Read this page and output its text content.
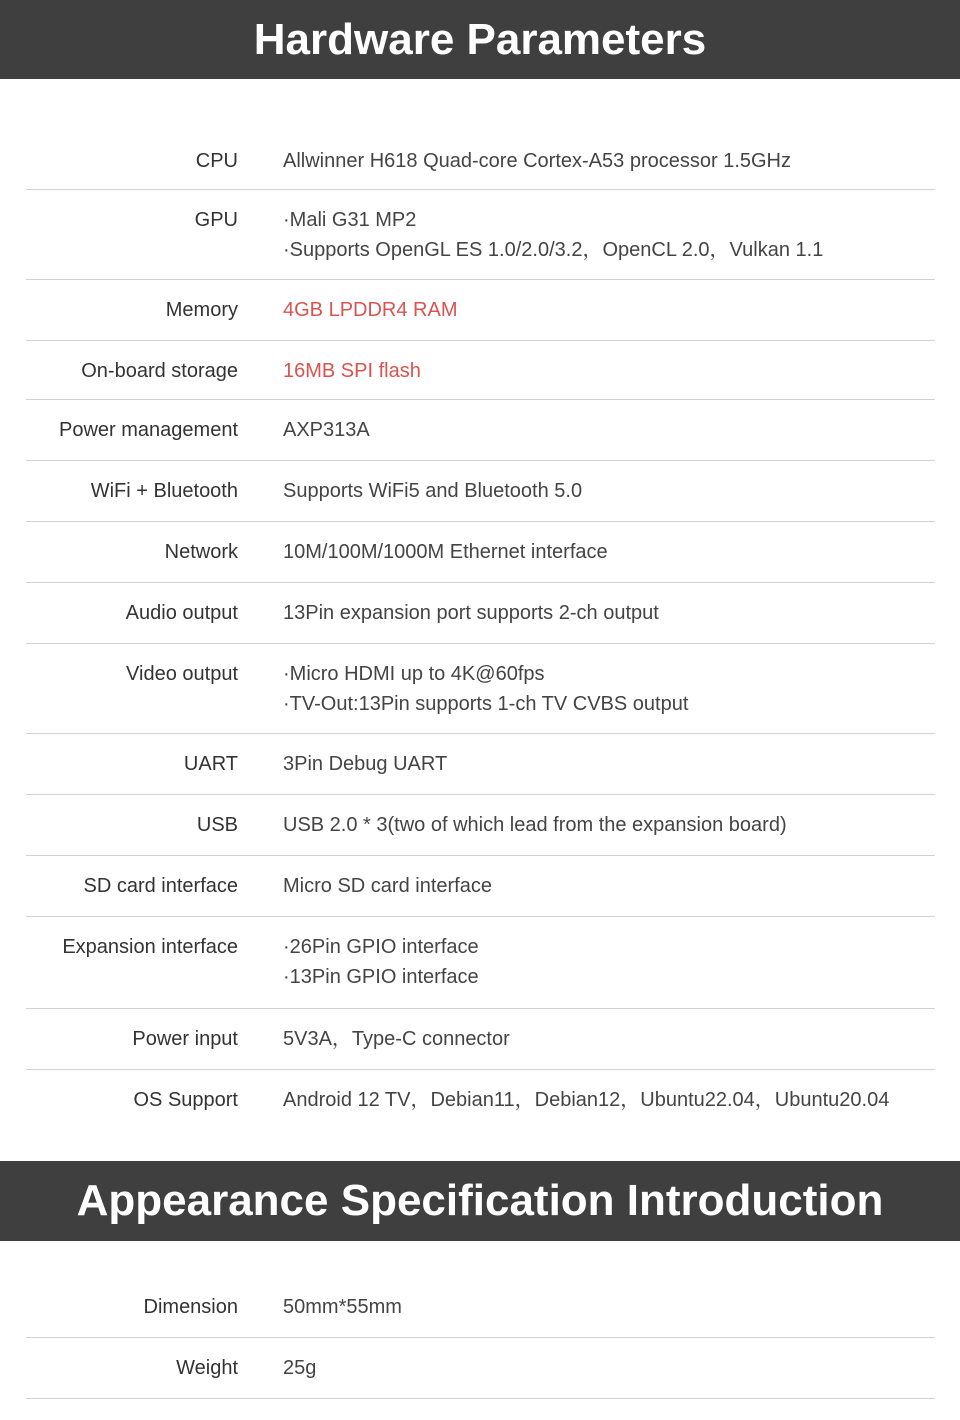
Hardware Parameters
CPU Allwinner H618 Quad-core Cortex-A53 processor 1.5GHz
GPU ·Mali G31 MP2
·Supports OpenGL ES 1.0/2.0/3.2，OpenCL 2.0，Vulkan 1.1
Memory 4GB LPDDR4 RAM
On-board storage 16MB SPI flash
Power management AXP313A
WiFi + Bluetooth Supports WiFi5 and Bluetooth 5.0
Network 10M/100M/1000M Ethernet interface
Audio output 13Pin expansion port supports 2-ch output
Video output ·Micro HDMI up to 4K@60fps
·TV-Out:13Pin supports 1-ch TV CVBS output
UART 3Pin Debug UART
USB USB 2.0 * 3(two of which lead from the expansion board)
SD card interface Micro SD card interface
Expansion interface ·26Pin GPIO interface
·13Pin GPIO interface
Power input 5V3A，Type-C connector
OS Support Android 12 TV，Debian11，Debian12，Ubuntu22.04，Ubuntu20.04
Appearance Specification Introduction
Dimension 50mm*55mm
Weight 25g
